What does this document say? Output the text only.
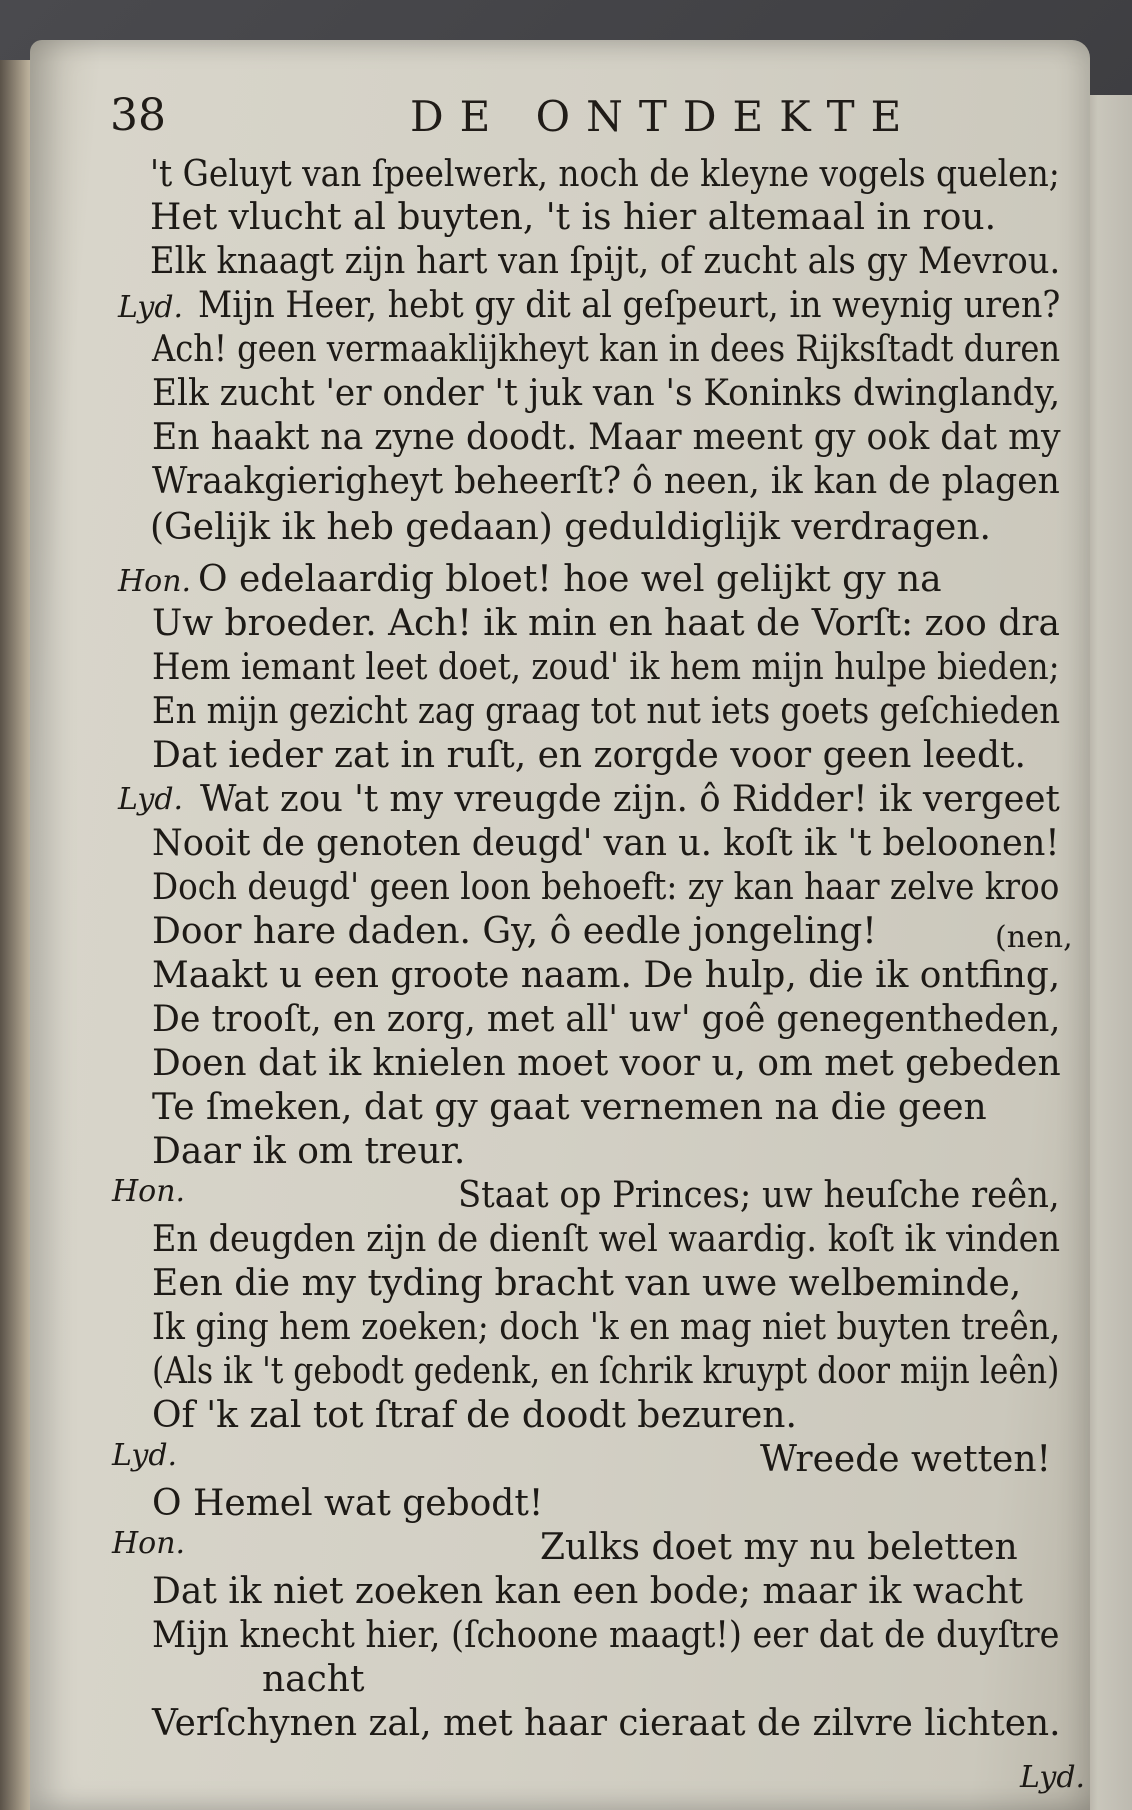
38	DE ONTDEKTE
Lyd.
Hon.
Lyd.
Hon.
Lyd.
Hon.
't Geluyt van ſpeelwerk, noch de kleyne vogels quelen;
Het vlucht al buyten, 't is hier altemaal in rou.
Elk knaagt zijn hart van ſpijt, of zucht als gy Mevrou.
Mijn Heer, hebt gy dit al geſpeurt, in weynig uren?
Ach! geen vermaaklijkheyt kan in dees Rijksſtadt duren
Elk zucht 'er onder 't juk van 's Koninks dwinglandy,
En haakt na zyne doodt. Maar meent gy ook dat my
Wraakgierigheyt beheerſt? ô neen, ik kan de plagen
(Gelijk ik heb gedaan) geduldiglijk verdragen.
O edelaardig bloet! hoe wel gelijkt gy na
Uw broeder. Ach! ik min en haat de Vorſt: zoo dra
Hem iemant leet doet, zoud' ik hem mijn hulpe bieden;
En mijn gezicht zag graag tot nut iets goets geſchieden
Dat ieder zat in ruſt, en zorgde voor geen leedt.
Wat zou 't my vreugde zijn. ô Ridder! ik vergeet
Nooit de genoten deugd' van u. koſt ik 't beloonen!
Doch deugd' geen loon behoeft: zy kan haar zelve kroo
Door hare daden. Gy, ô eedle jongeling!
Maakt u een groote naam. De hulp, die ik ontfing,
De trooſt, en zorg, met all' uw' goê genegentheden,
Doen dat ik knielen moet voor u, om met gebeden
Te ſmeken, dat gy gaat vernemen na die geen
Daar ik om treur.
Staat op Princes; uw heuſche reên,
En deugden zijn de dienſt wel waardig. koſt ik vinden
Een die my tyding bracht van uwe welbeminde,
Ik ging hem zoeken; doch 'k en mag niet buyten treên,
(Als ik 't gebodt gedenk, en ſchrik kruypt door mijn leên)
Of 'k zal tot ſtraf de doodt bezuren.
Wreede wetten!
O Hemel wat gebodt!
Zulks doet my nu beletten
Dat ik niet zoeken kan een bode; maar ik wacht
Mijn knecht hier, (ſchoone maagt!) eer dat de duyſtre
nacht
Verſchynen zal, met haar cieraat de zilvre lichten.
(nen,
Lyd.
